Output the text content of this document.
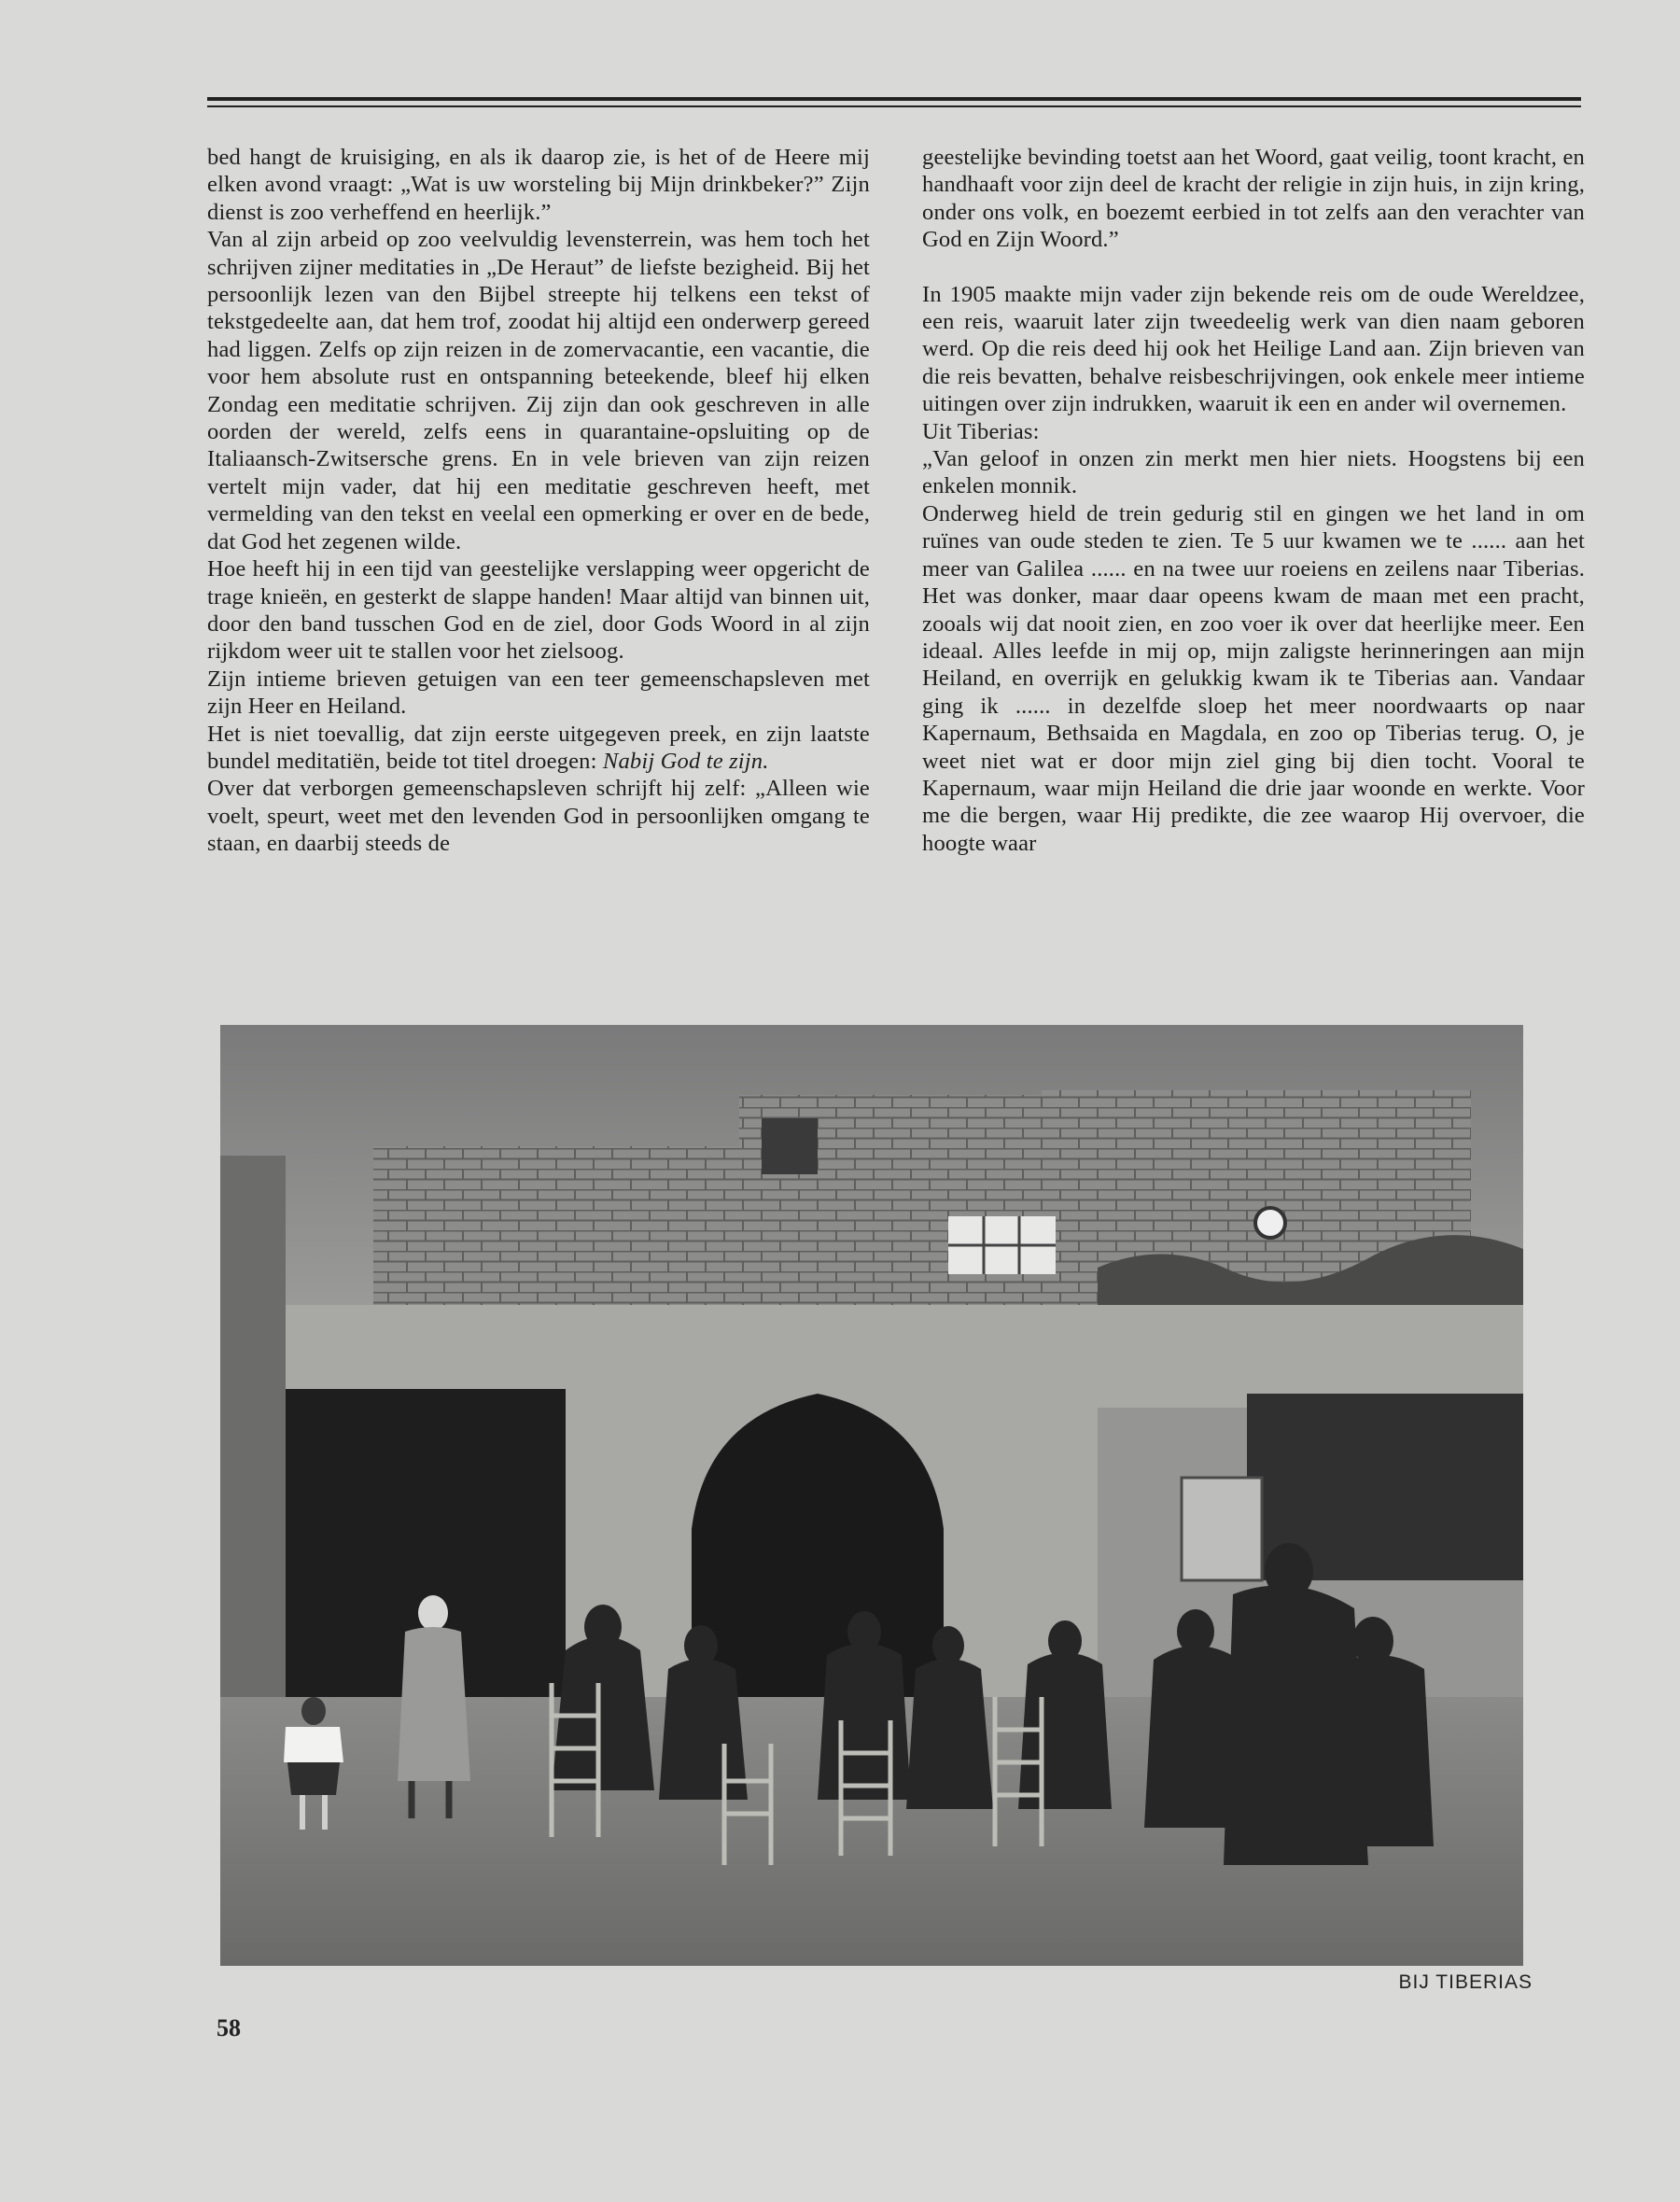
bed hangt de kruisiging, en als ik daarop zie, is het of de Heere mij elken avond vraagt: „Wat is uw worsteling bij Mijn drinkbeker?” Zijn dienst is zoo verheffend en heerlijk.”

Van al zijn arbeid op zoo veelvuldig levensterrein, was hem toch het schrijven zijner meditaties in „De Heraut” de liefste bezigheid. Bij het persoonlijk lezen van den Bijbel streepte hij telkens een tekst of tekstgedeelte aan, dat hem trof, zoodat hij altijd een onderwerp gereed had liggen. Zelfs op zijn reizen in de zomervacantie, een vacantie, die voor hem absolute rust en ontspanning beteekende, bleef hij elken Zondag een meditatie schrijven. Zij zijn dan ook geschreven in alle oorden der wereld, zelfs eens in quarantaine-opsluiting op de Italiaansch-Zwitsersche grens. En in vele brieven van zijn reizen vertelt mijn vader, dat hij een meditatie geschreven heeft, met vermelding van den tekst en veelal een opmerking er over en de bede, dat God het zegenen wilde.

Hoe heeft hij in een tijd van geestelijke verslapping weer opgericht de trage knieën, en gesterkt de slappe handen! Maar altijd van binnen uit, door den band tusschen God en de ziel, door Gods Woord in al zijn rijkdom weer uit te stallen voor het zielsoog.

Zijn intieme brieven getuigen van een teer gemeenschapsleven met zijn Heer en Heiland.

Het is niet toevallig, dat zijn eerste uitgegeven preek, en zijn laatste bundel meditatiën, beide tot titel droegen: Nabij God te zijn.

Over dat verborgen gemeenschapsleven schrijft hij zelf: „Alleen wie voelt, speurt, weet met den levenden God in persoonlijken omgang te staan, en daarbij steeds de

geestelijke bevinding toetst aan het Woord, gaat veilig, toont kracht, en handhaaft voor zijn deel de kracht der religie in zijn huis, in zijn kring, onder ons volk, en boezemt eerbied in tot zelfs aan den verachter van God en Zijn Woord.”

In 1905 maakte mijn vader zijn bekende reis om de oude Wereldzee, een reis, waaruit later zijn tweedeelig werk van dien naam geboren werd. Op die reis deed hij ook het Heilige Land aan. Zijn brieven van die reis bevatten, behalve reisbeschrijvingen, ook enkele meer intieme uitingen over zijn indrukken, waaruit ik een en ander wil overnemen.

Uit Tiberias:

„Van geloof in onzen zin merkt men hier niets. Hoogstens bij een enkelen monnik.

Onderweg hield de trein gedurig stil en gingen we het land in om ruïnes van oude steden te zien. Te 5 uur kwamen we te ...... aan het meer van Galilea ...... en na twee uur roeiens en zeilens naar Tiberias. Het was donker, maar daar opeens kwam de maan met een pracht, zooals wij dat nooit zien, en zoo voer ik over dat heerlijke meer. Een ideaal. Alles leefde in mij op, mijn zaligste herinneringen aan mijn Heiland, en overrijk en gelukkig kwam ik te Tiberias aan. Vandaar ging ik ...... in dezelfde sloep het meer noordwaarts op naar Kapernaum, Bethsaida en Magdala, en zoo op Tiberias terug. O, je weet niet wat er door mijn ziel ging bij dien tocht. Vooral te Kapernaum, waar mijn Heiland die drie jaar woonde en werkte. Voor me die bergen, waar Hij predikte, die zee waarop Hij overvoer, die hoogte waar

BIJ TIBERIAS
58
